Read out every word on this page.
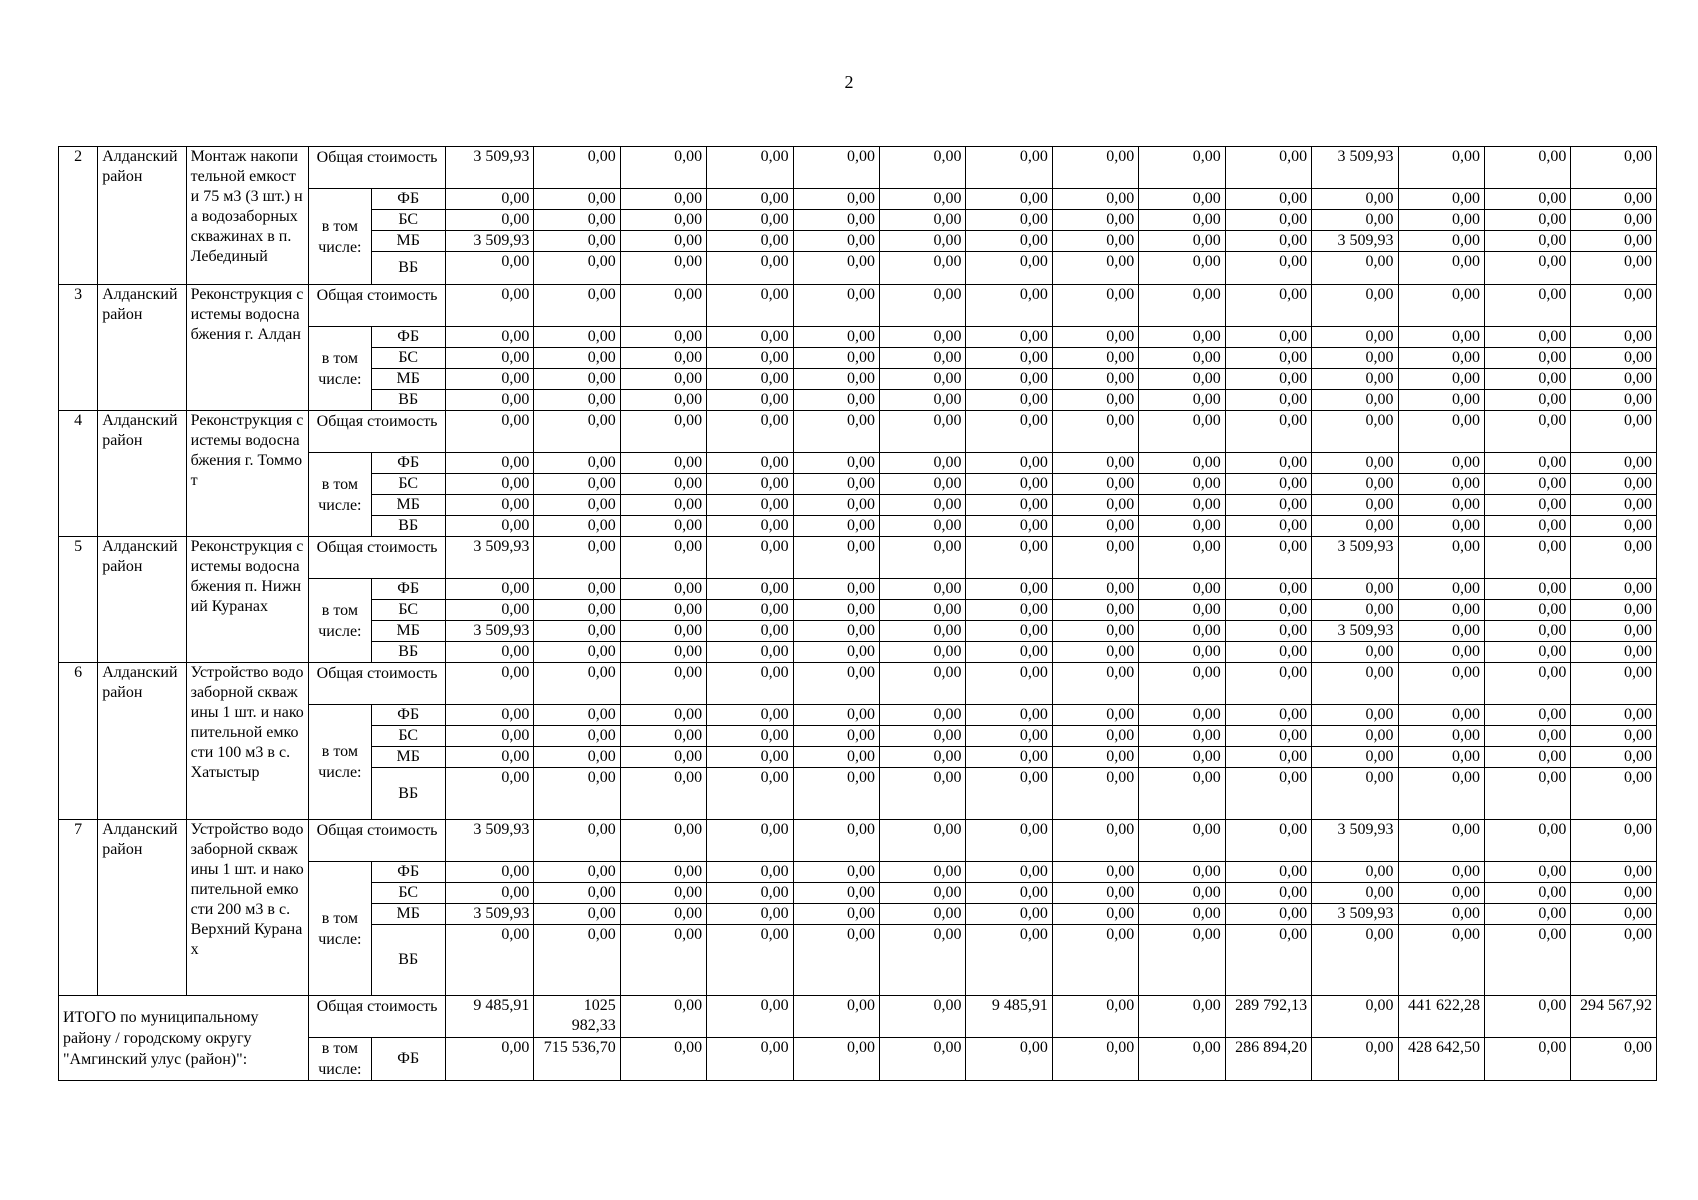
2
2	Алданский район	Монтаж накопительной емкости 75 м3 (3 шт.) на водозаборных скважинах в п. Лебединый	Общая стоимость		3 509,93	0,00	0,00	0,00	0,00	0,00	0,00	0,00	0,00	0,00	3 509,93	0,00	0,00	0,00
			в том числе:	ФБ	0,00	0,00	0,00	0,00	0,00	0,00	0,00	0,00	0,00	0,00	0,00	0,00	0,00	0,00
				БС	0,00	0,00	0,00	0,00	0,00	0,00	0,00	0,00	0,00	0,00	0,00	0,00	0,00	0,00
				МБ	3 509,93	0,00	0,00	0,00	0,00	0,00	0,00	0,00	0,00	0,00	3 509,93	0,00	0,00	0,00
				ВБ	0,00	0,00	0,00	0,00	0,00	0,00	0,00	0,00	0,00	0,00	0,00	0,00	0,00	0,00
3	Алданский район	Реконструкция системы водоснабжения г. Алдан	Общая стоимость		0,00	0,00	0,00	0,00	0,00	0,00	0,00	0,00	0,00	0,00	0,00	0,00	0,00	0,00
			в том числе:	ФБ	0,00	0,00	0,00	0,00	0,00	0,00	0,00	0,00	0,00	0,00	0,00	0,00	0,00	0,00
				БС	0,00	0,00	0,00	0,00	0,00	0,00	0,00	0,00	0,00	0,00	0,00	0,00	0,00	0,00
				МБ	0,00	0,00	0,00	0,00	0,00	0,00	0,00	0,00	0,00	0,00	0,00	0,00	0,00	0,00
				ВБ	0,00	0,00	0,00	0,00	0,00	0,00	0,00	0,00	0,00	0,00	0,00	0,00	0,00	0,00
4	Алданский район	Реконструкция системы водоснабжения г. Томмот	Общая стоимость		0,00	0,00	0,00	0,00	0,00	0,00	0,00	0,00	0,00	0,00	0,00	0,00	0,00	0,00
			в том числе:	ФБ	0,00	0,00	0,00	0,00	0,00	0,00	0,00	0,00	0,00	0,00	0,00	0,00	0,00	0,00
				БС	0,00	0,00	0,00	0,00	0,00	0,00	0,00	0,00	0,00	0,00	0,00	0,00	0,00	0,00
				МБ	0,00	0,00	0,00	0,00	0,00	0,00	0,00	0,00	0,00	0,00	0,00	0,00	0,00	0,00
				ВБ	0,00	0,00	0,00	0,00	0,00	0,00	0,00	0,00	0,00	0,00	0,00	0,00	0,00	0,00
5	Алданский район	Реконструкция системы водоснабжения п. Нижний Куранах	Общая стоимость		3 509,93	0,00	0,00	0,00	0,00	0,00	0,00	0,00	0,00	0,00	3 509,93	0,00	0,00	0,00
			в том числе:	ФБ	0,00	0,00	0,00	0,00	0,00	0,00	0,00	0,00	0,00	0,00	0,00	0,00	0,00	0,00
				БС	0,00	0,00	0,00	0,00	0,00	0,00	0,00	0,00	0,00	0,00	0,00	0,00	0,00	0,00
				МБ	3 509,93	0,00	0,00	0,00	0,00	0,00	0,00	0,00	0,00	0,00	3 509,93	0,00	0,00	0,00
				ВБ	0,00	0,00	0,00	0,00	0,00	0,00	0,00	0,00	0,00	0,00	0,00	0,00	0,00	0,00
6	Алданский район	Устройство водозаборной скважины 1 шт. и накопительной емкости 100 м3 в с. Хатыстыр	Общая стоимость		0,00	0,00	0,00	0,00	0,00	0,00	0,00	0,00	0,00	0,00	0,00	0,00	0,00	0,00
			в том числе:	ФБ	0,00	0,00	0,00	0,00	0,00	0,00	0,00	0,00	0,00	0,00	0,00	0,00	0,00	0,00
				БС	0,00	0,00	0,00	0,00	0,00	0,00	0,00	0,00	0,00	0,00	0,00	0,00	0,00	0,00
				МБ	0,00	0,00	0,00	0,00	0,00	0,00	0,00	0,00	0,00	0,00	0,00	0,00	0,00	0,00
				ВБ	0,00	0,00	0,00	0,00	0,00	0,00	0,00	0,00	0,00	0,00	0,00	0,00	0,00	0,00
7	Алданский район	Устройство водозаборной скважины 1 шт. и накопительной емкости 200 м3 в с. Верхний Куранах	Общая стоимость		3 509,93	0,00	0,00	0,00	0,00	0,00	0,00	0,00	0,00	0,00	3 509,93	0,00	0,00	0,00
			в том числе:	ФБ	0,00	0,00	0,00	0,00	0,00	0,00	0,00	0,00	0,00	0,00	0,00	0,00	0,00	0,00
				БС	0,00	0,00	0,00	0,00	0,00	0,00	0,00	0,00	0,00	0,00	0,00	0,00	0,00	0,00
				МБ	3 509,93	0,00	0,00	0,00	0,00	0,00	0,00	0,00	0,00	0,00	3 509,93	0,00	0,00	0,00
				ВБ	0,00	0,00	0,00	0,00	0,00	0,00	0,00	0,00	0,00	0,00	0,00	0,00	0,00	0,00
ИТОГО по муниципальному району / городскому округу "Амгинский улус (район)":			Общая стоимость		9 485,91	1025 982,33	0,00	0,00	0,00	0,00	9 485,91	0,00	0,00	289 792,13	0,00	441 622,28	0,00	294 567,92
			в том числе:	ФБ	0,00	715 536,70	0,00	0,00	0,00	0,00	0,00	0,00	0,00	286 894,20	0,00	428 642,50	0,00	0,00
